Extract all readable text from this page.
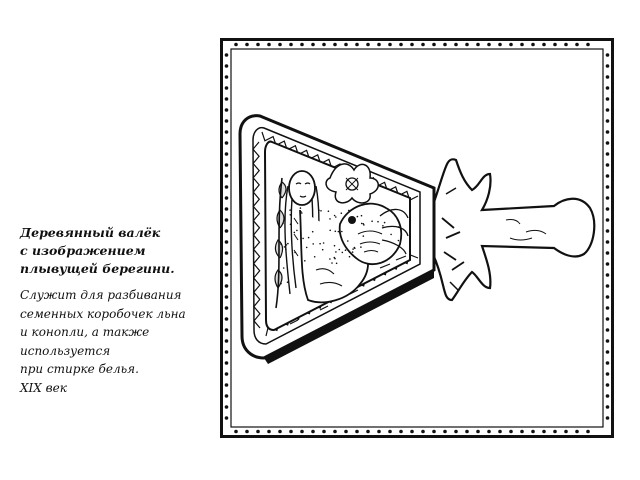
Деревянный валёк
с изображением
плывущей берегини.
Служит для разбивания
семенных коробочек льна
и конопли, а также
используется
при стирке белья.
XIX век
